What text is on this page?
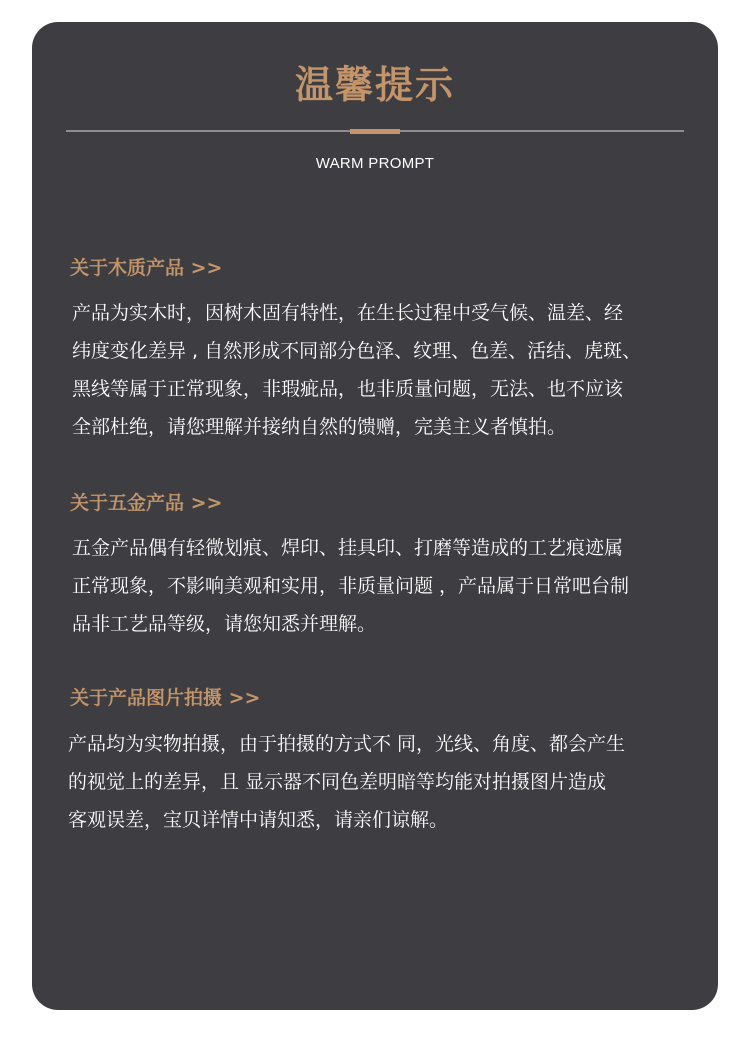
温馨提示
WARM PROMPT
关于木质产品 >>
产品为实木时，因树木固有特性，在生长过程中受气候、温差、经
纬度变化差异 , 自然形成不同部分色泽、纹理、色差、活结、虎斑、
黑线等属于正常现象，非瑕疵品，也非质量问题，无法、也不应该
全部杜绝，请您理解并接纳自然的馈赠，完美主义者慎拍。
关于五金产品 >>
五金产品偶有轻微划痕、焊印、挂具印、打磨等造成的工艺痕迹属
正常现象，不影响美观和实用，非质量问题 ，产品属于日常吧台制
品非工艺品等级，请您知悉并理解。
关于产品图片拍摄 >>
产品均为实物拍摄，由于拍摄的方式不 同，光线、角度、都会产生
的视觉上的差异，且 显示器不同色差明暗等均能对拍摄图片造成
客观误差，宝贝详情中请知悉，请亲们谅解。
